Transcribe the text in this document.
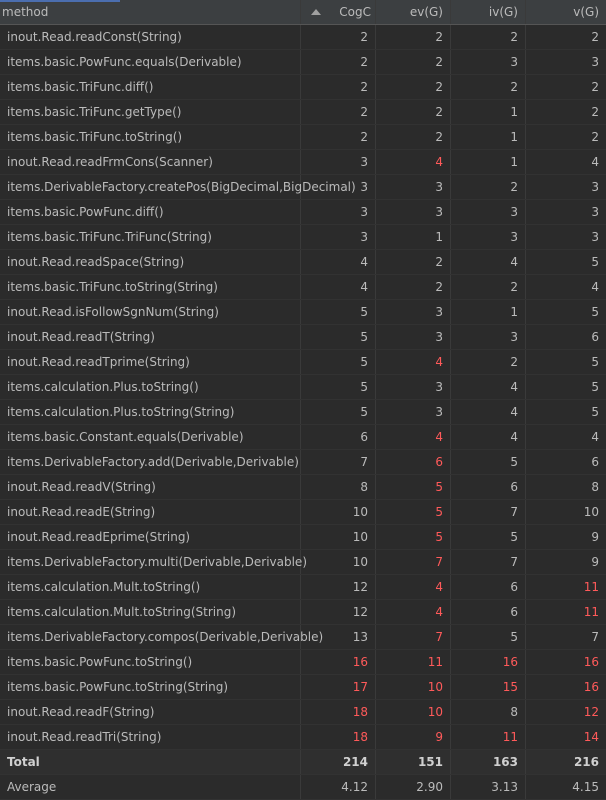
method	CogC	ev(G)	iv(G)	v(G)
inout.Read.readConst(String)	2	2	2	2
items.basic.PowFunc.equals(Derivable)	2	2	3	3
items.basic.TriFunc.diff()	2	2	2	2
items.basic.TriFunc.getType()	2	2	1	2
items.basic.TriFunc.toString()	2	2	1	2
inout.Read.readFrmCons(Scanner)	3	4	1	4
items.DerivableFactory.createPos(BigDecimal,BigDecimal) 3	3	2	3
items.basic.PowFunc.diff()	3	3	3	3
items.basic.TriFunc.TriFunc(String)	3	1	3	3
inout.Read.readSpace(String)	4	2	4	5
items.basic.TriFunc.toString(String)	4	2	2	4
inout.Read.isFollowSgnNum(String)	5	3	1	5
inout.Read.readT(String)	5	3	3	6
inout.Read.readTprime(String)	5	4	2	5
items.calculation.Plus.toString()	5	3	4	5
items.calculation.Plus.toString(String)	5	3	4	5
items.basic.Constant.equals(Derivable)	6	4	4	4
items.DerivableFactory.add(Derivable,Derivable)	7	6	5	6
inout.Read.readV(String)	8	5	6	8
inout.Read.readE(String)	10	5	7	10
inout.Read.readEprime(String)	10	5	5	9
items.DerivableFactory.multi(Derivable,Derivable)	10	7	7	9
items.calculation.Mult.toString()	12	4	6	11
items.calculation.Mult.toString(String)	12	4	6	11
items.DerivableFactory.compos(Derivable,Derivable)	13	7	5	7
items.basic.PowFunc.toString()	16	11	16	16
items.basic.PowFunc.toString(String)	17	10	15	16
inout.Read.readF(String)	18	10	8	12
inout.Read.readTri(String)	18	9	11	14
Total	214	151	163	216
Average	4.12	2.90	3.13	4.15
